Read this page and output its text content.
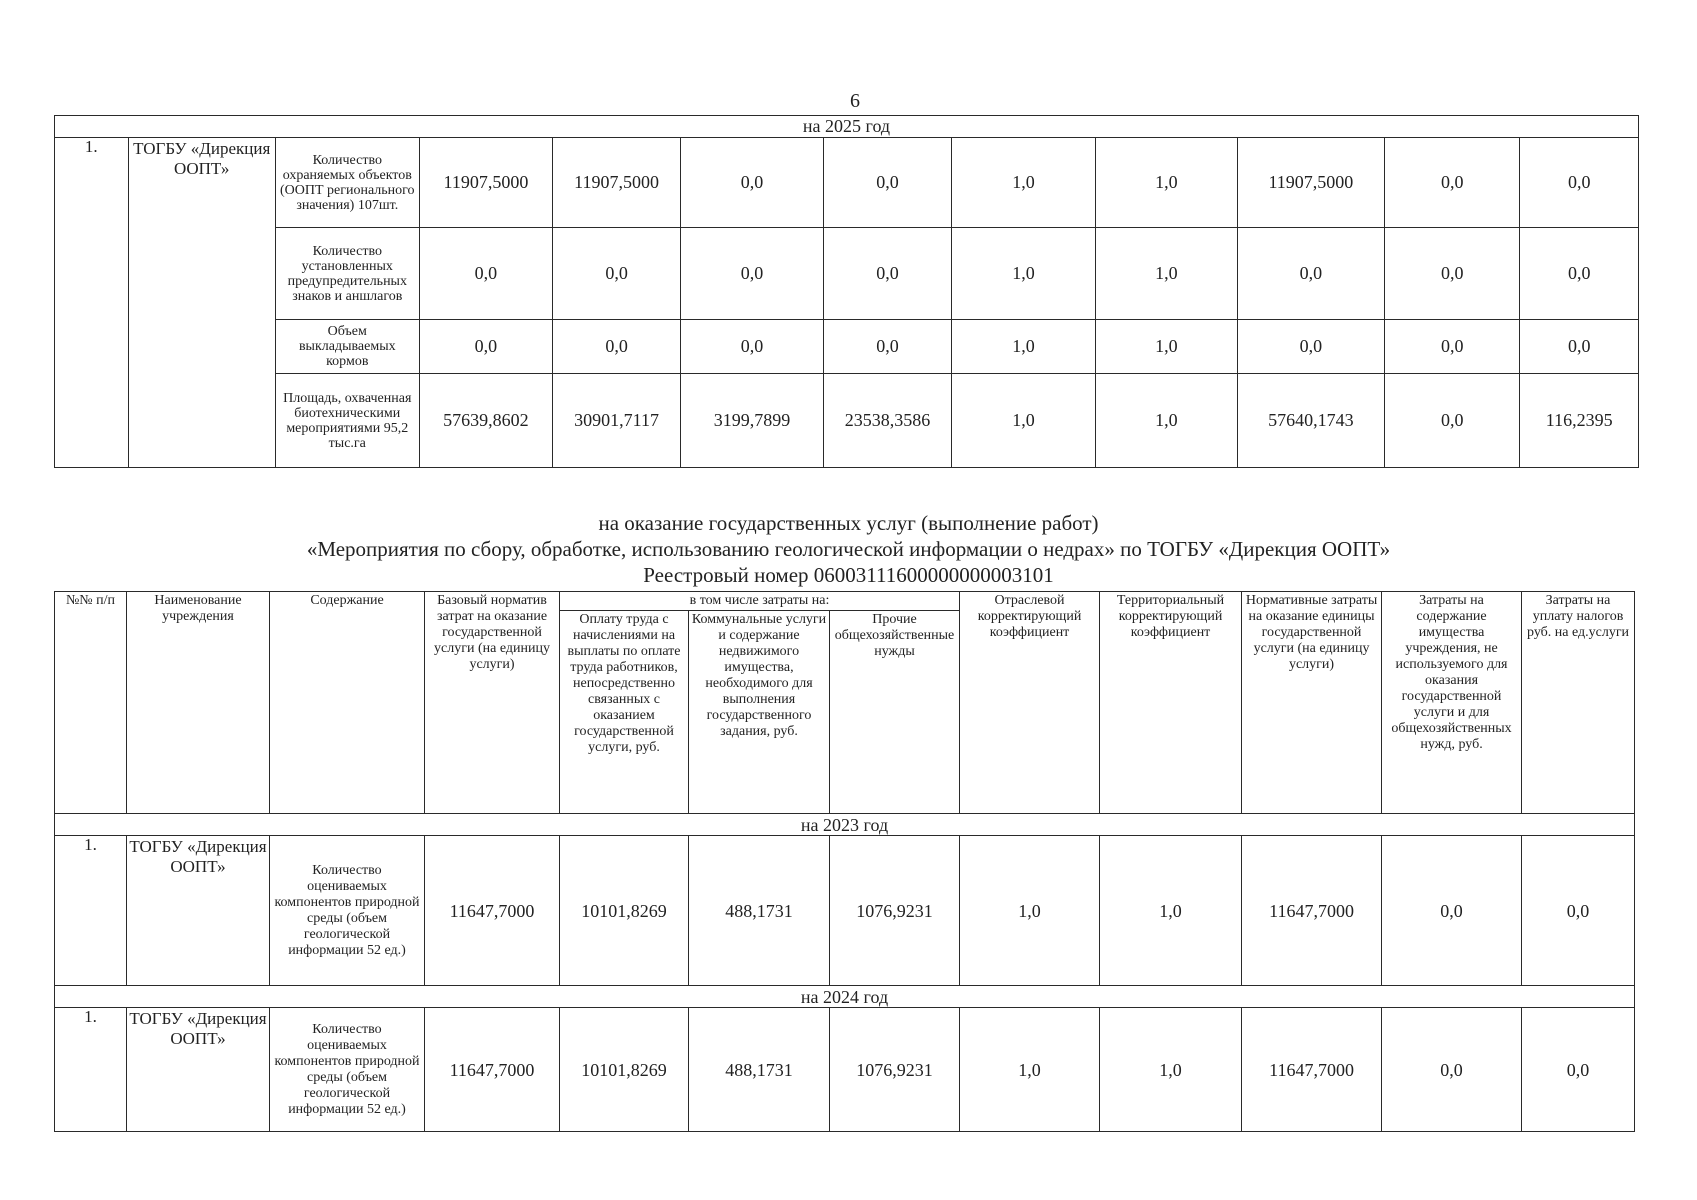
6
на 2025 год											
1.	ТОГБУ «Дирекция ООПТ»	Количество охраняемых объектов (ООПТ регионального значения) 107шт.	11907,5000	11907,5000	0,0	0,0	1,0	1,0	11907,5000	0,0	0,0
		Количество установленных предупредительных знаков и аншлагов	0,0	0,0	0,0	0,0	1,0	1,0	0,0	0,0	0,0
		Объем выкладываемых кормов	0,0	0,0	0,0	0,0	1,0	1,0	0,0	0,0	0,0
		Площадь, охваченная биотехническими мероприятиями 95,2 тыс.га	57639,8602	30901,7117	3199,7899	23538,3586	1,0	1,0	57640,1743	0,0	116,2395
на оказание государственных услуг (выполнение работ)
«Мероприятия по сбору, обработке, использованию геологической информации о недрах» по ТОГБУ «Дирекция ООПТ»
Реестровый номер 06003111600000000003101
№№ п/п	Наименование учреждения	Содержание	Базовый норматив затрат на оказание государственной услуги (на единицу услуги)	в том числе затраты на:			Отраслевой корректирующий коэффициент	Территориальный корректирующий коэффициент	Нормативные затраты на оказание единицы государственной услуги (на единицу услуги)	Затраты на содержание имущества учреждения, не используемого для оказания государственной услуги и для общехозяйственных нужд, руб.	Затраты на уплату налогов руб. на ед.услуги
				Оплату труда с начислениями на выплаты по оплате труда работников, непосредственно связанных с оказанием государственной услуги, руб.	Коммунальные услуги и содержание недвижимого имущества, необходимого для выполнения государственного задания, руб.	Прочие общехозяйственные нужды					
на 2023 год											
1.	ТОГБУ «Дирекция ООПТ»	Количество оцениваемых компонентов природной среды (объем геологической информации 52 ед.)	11647,7000	10101,8269	488,1731	1076,9231	1,0	1,0	11647,7000	0,0	0,0
на 2024 год											
1.	ТОГБУ «Дирекция ООПТ»	Количество оцениваемых компонентов природной среды (объем геологической информации 52 ед.)	11647,7000	10101,8269	488,1731	1076,9231	1,0	1,0	11647,7000	0,0	0,0
